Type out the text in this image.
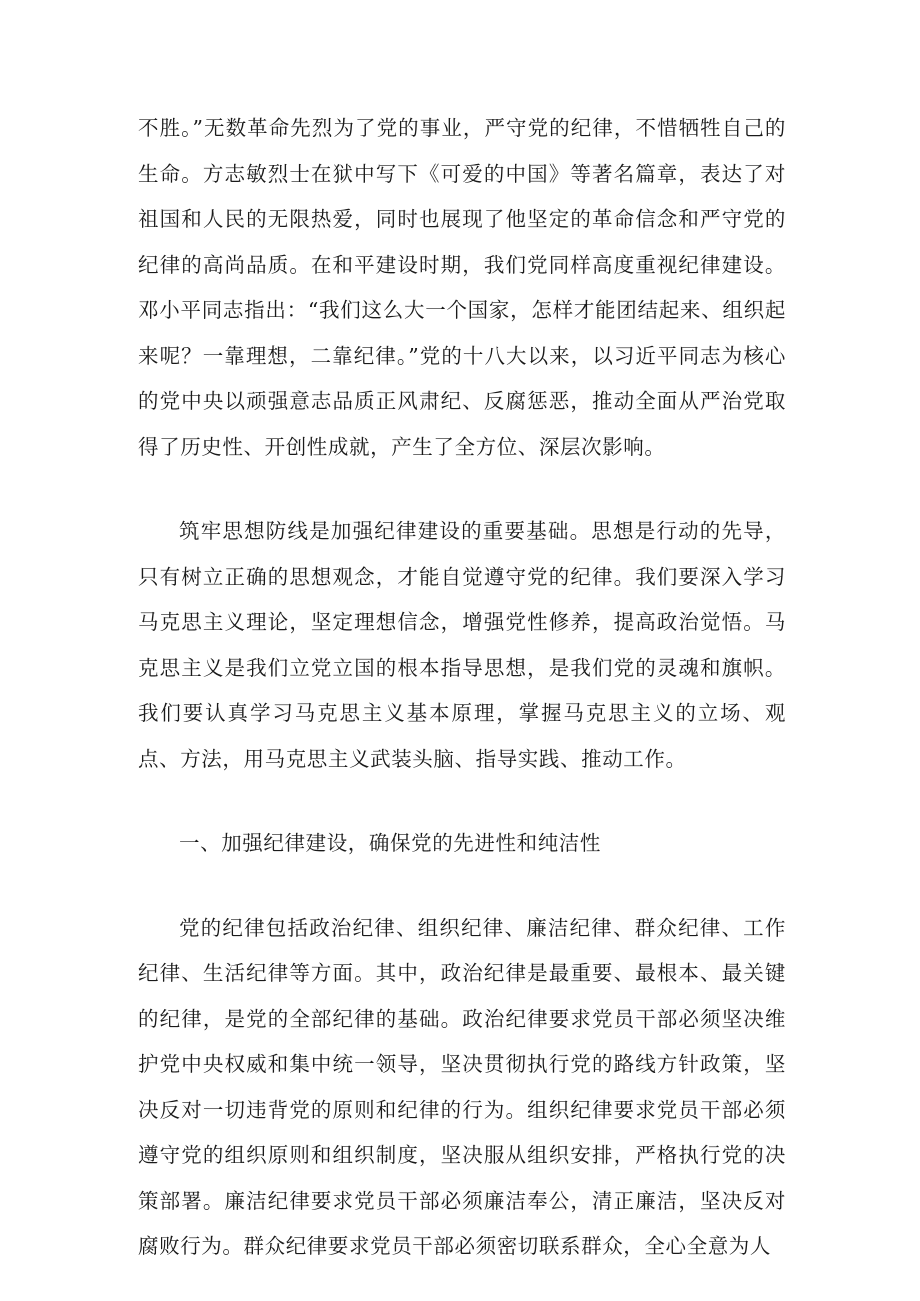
不胜。”无数革命先烈为了党的事业，严守党的纪律，不惜牺牲自己的生命。方志敏烈士在狱中写下《可爱的中国》等著名篇章，表达了对祖国和人民的无限热爱，同时也展现了他坚定的革命信念和严守党的纪律的高尚品质。在和平建设时期，我们党同样高度重视纪律建设。邓小平同志指出：“我们这么大一个国家，怎样才能团结起来、组织起来呢？一靠理想，二靠纪律。”党的十八大以来，以习近平同志为核心的党中央以顽强意志品质正风肃纪、反腐惩恶，推动全面从严治党取得了历史性、开创性成就，产生了全方位、深层次影响。

筑牢思想防线是加强纪律建设的重要基础。思想是行动的先导，只有树立正确的思想观念，才能自觉遵守党的纪律。我们要深入学习马克思主义理论，坚定理想信念，增强党性修养，提高政治觉悟。马克思主义是我们立党立国的根本指导思想，是我们党的灵魂和旗帜。我们要认真学习马克思主义基本原理，掌握马克思主义的立场、观点、方法，用马克思主义武装头脑、指导实践、推动工作。

一、加强纪律建设，确保党的先进性和纯洁性

党的纪律包括政治纪律、组织纪律、廉洁纪律、群众纪律、工作纪律、生活纪律等方面。其中，政治纪律是最重要、最根本、最关键的纪律，是党的全部纪律的基础。政治纪律要求党员干部必须坚决维护党中央权威和集中统一领导，坚决贯彻执行党的路线方针政策，坚决反对一切违背党的原则和纪律的行为。组织纪律要求党员干部必须遵守党的组织原则和组织制度，坚决服从组织安排，严格执行党的决策部署。廉洁纪律要求党员干部必须廉洁奉公，清正廉洁，坚决反对腐败行为。群众纪律要求党员干部必须密切联系群众，全心全意为人
